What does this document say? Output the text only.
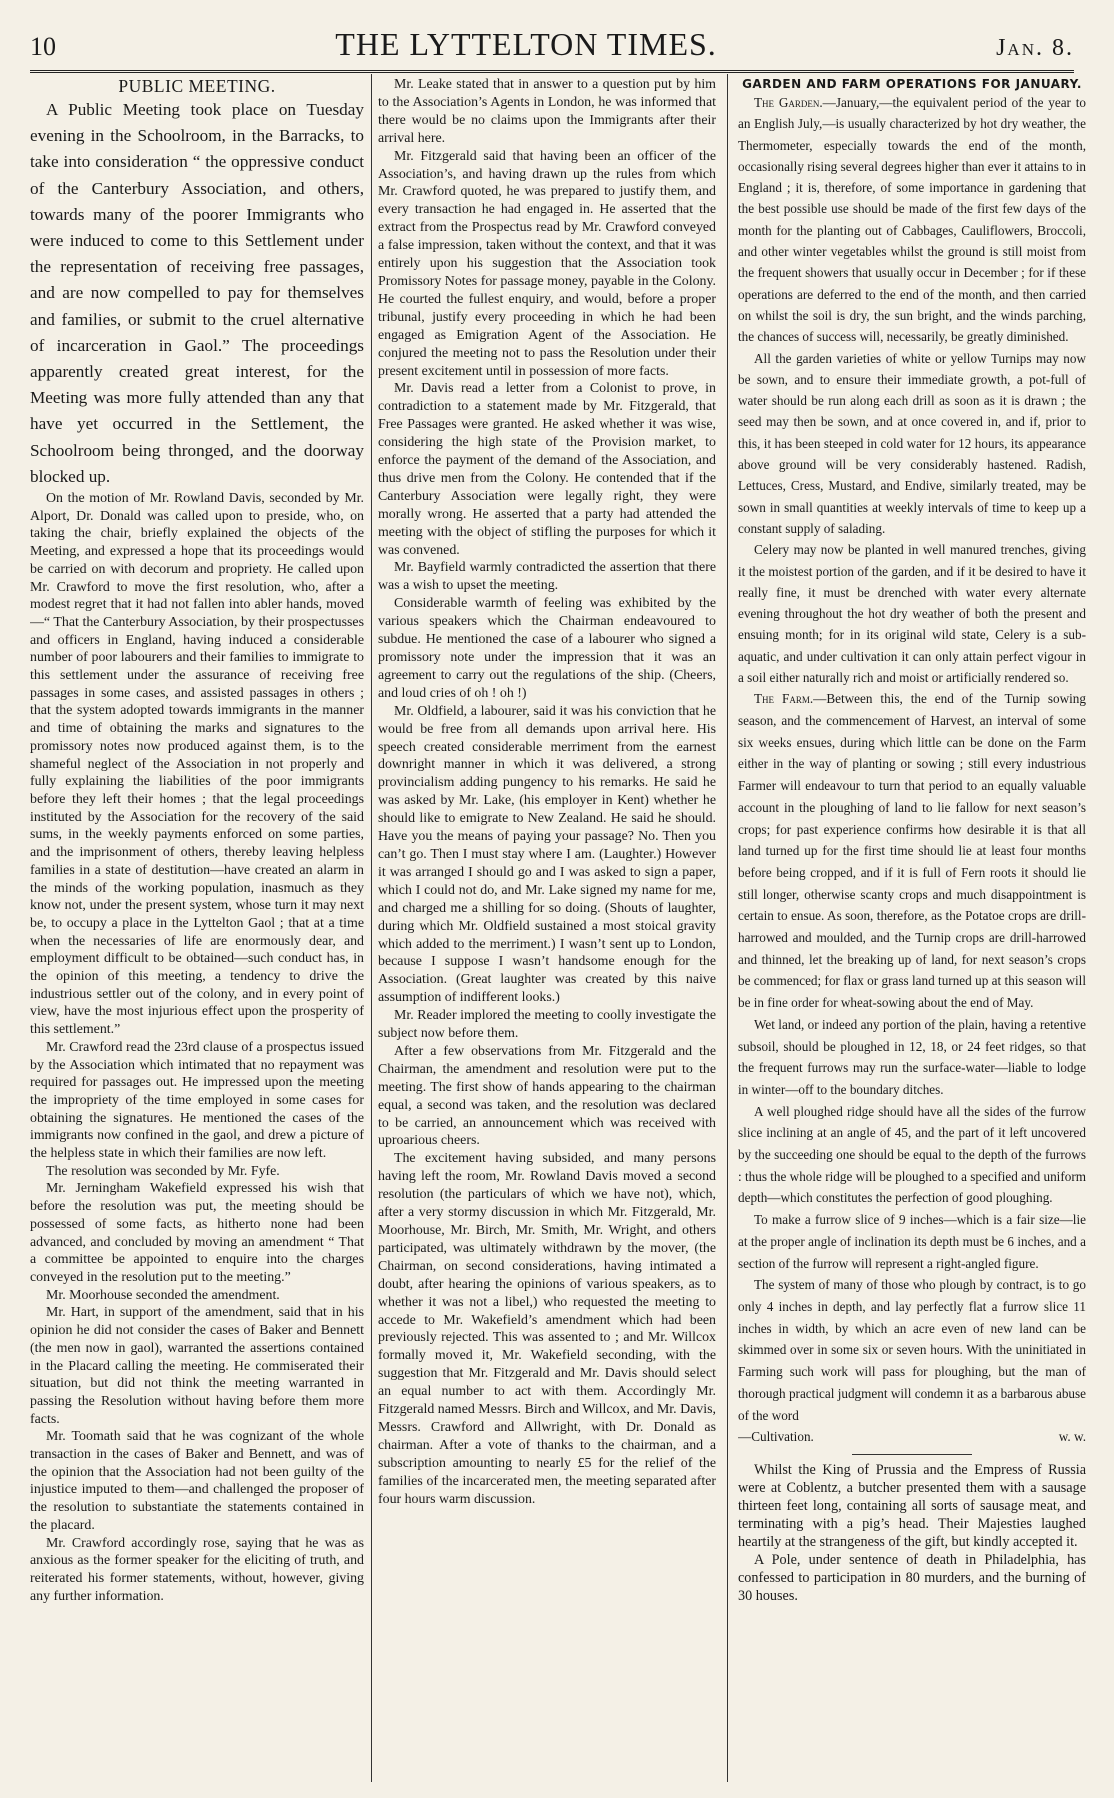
10	THE LYTTELTON TIMES.	Jan. 8.

PUBLIC MEETING.

A Public Meeting took place on Tuesday evening in the Schoolroom, in the Barracks, to take into consideration “ the oppressive conduct of the Canterbury Association, and others, towards many of the poorer Immigrants who were induced to come to this Settlement under the representation of receiving free passages, and are now compelled to pay for themselves and families, or submit to the cruel alternative of incarceration in Gaol.” The proceedings apparently created great interest, for the Meeting was more fully attended than any that have yet occurred in the Settlement, the Schoolroom being thronged, and the doorway blocked up.

On the motion of Mr. Rowland Davis, seconded by Mr. Alport, Dr. Donald was called upon to preside, who, on taking the chair, briefly explained the objects of the Meeting, and expressed a hope that its proceedings would be carried on with decorum and propriety. He called upon Mr. Crawford to move the first resolution, who, after a modest regret that it had not fallen into abler hands, moved—“ That the Canterbury Association, by their prospectusses and officers in England, having induced a considerable number of poor labourers and their families to immigrate to this settlement under the assurance of receiving free passages in some cases, and assisted passages in others ; that the system adopted towards immigrants in the manner and time of obtaining the marks and signatures to the promissory notes now produced against them, is to the shameful neglect of the Association in not properly and fully explaining the liabilities of the poor immigrants before they left their homes ; that the legal proceedings instituted by the Association for the recovery of the said sums, in the weekly payments enforced on some parties, and the imprisonment of others, thereby leaving helpless families in a state of destitution—have created an alarm in the minds of the working population, inasmuch as they know not, under the present system, whose turn it may next be, to occupy a place in the Lyttelton Gaol ; that at a time when the necessaries of life are enormously dear, and employment difficult to be obtained—such conduct has, in the opinion of this meeting, a tendency to drive the industrious settler out of the colony, and in every point of view, have the most injurious effect upon the prosperity of this settlement.”

Mr. Crawford read the 23rd clause of a prospectus issued by the Association which intimated that no repayment was required for passages out. He impressed upon the meeting the impropriety of the time employed in some cases for obtaining the signatures. He mentioned the cases of the immigrants now confined in the gaol, and drew a picture of the helpless state in which their families are now left.

The resolution was seconded by Mr. Fyfe.

Mr. Jerningham Wakefield expressed his wish that before the resolution was put, the meeting should be possessed of some facts, as hitherto none had been advanced, and concluded by moving an amendment “ That a committee be appointed to enquire into the charges conveyed in the resolution put to the meeting.”

Mr. Moorhouse seconded the amendment.

Mr. Hart, in support of the amendment, said that in his opinion he did not consider the cases of Baker and Bennett (the men now in gaol), warranted the assertions contained in the Placard calling the meeting. He commiserated their situation, but did not think the meeting warranted in passing the Resolution without having before them more facts.

Mr. Toomath said that he was cognizant of the whole transaction in the cases of Baker and Bennett, and was of the opinion that the Association had not been guilty of the injustice imputed to them—and challenged the proposer of the resolution to substantiate the statements contained in the placard.

Mr. Crawford accordingly rose, saying that he was as anxious as the former speaker for the eliciting of truth, and reiterated his former statements, without, however, giving any further information.

Mr. Leake stated that in answer to a question put by him to the Association’s Agents in London, he was informed that there would be no claims upon the Immigrants after their arrival here.

Mr. Fitzgerald said that having been an officer of the Association’s, and having drawn up the rules from which Mr. Crawford quoted, he was prepared to justify them, and every transaction he had engaged in. He asserted that the extract from the Prospectus read by Mr. Crawford conveyed a false impression, taken without the context, and that it was entirely upon his suggestion that the Association took Promissory Notes for passage money, payable in the Colony. He courted the fullest enquiry, and would, before a proper tribunal, justify every proceeding in which he had been engaged as Emigration Agent of the Association. He conjured the meeting not to pass the Resolution under their present excitement until in possession of more facts.

Mr. Davis read a letter from a Colonist to prove, in contradiction to a statement made by Mr. Fitzgerald, that Free Passages were granted. He asked whether it was wise, considering the high state of the Provision market, to enforce the payment of the demand of the Association, and thus drive men from the Colony. He contended that if the Canterbury Association were legally right, they were morally wrong. He asserted that a party had attended the meeting with the object of stifling the purposes for which it was convened.

Mr. Bayfield warmly contradicted the assertion that there was a wish to upset the meeting.

Considerable warmth of feeling was exhibited by the various speakers which the Chairman endeavoured to subdue. He mentioned the case of a labourer who signed a promissory note under the impression that it was an agreement to carry out the regulations of the ship. (Cheers, and loud cries of oh ! oh !)

Mr. Oldfield, a labourer, said it was his conviction that he would be free from all demands upon arrival here. His speech created considerable merriment from the earnest downright manner in which it was delivered, a strong provincialism adding pungency to his remarks. He said he was asked by Mr. Lake, (his employer in Kent) whether he should like to emigrate to New Zealand. He said he should. Have you the means of paying your passage? No. Then you can’t go. Then I must stay where I am. (Laughter.) However it was arranged I should go and I was asked to sign a paper, which I could not do, and Mr. Lake signed my name for me, and charged me a shilling for so doing. (Shouts of laughter, during which Mr. Oldfield sustained a most stoical gravity which added to the merriment.) I wasn’t sent up to London, because I suppose I wasn’t handsome enough for the Association. (Great laughter was created by this naive assumption of indifferent looks.)

Mr. Reader implored the meeting to coolly investigate the subject now before them.

After a few observations from Mr. Fitzgerald and the Chairman, the amendment and resolution were put to the meeting. The first show of hands appearing to the chairman equal, a second was taken, and the resolution was declared to be carried, an announcement which was received with uproarious cheers.

The excitement having subsided, and many persons having left the room, Mr. Rowland Davis moved a second resolution (the particulars of which we have not), which, after a very stormy discussion in which Mr. Fitzgerald, Mr. Moorhouse, Mr. Birch, Mr. Smith, Mr. Wright, and others participated, was ultimately withdrawn by the mover, (the Chairman, on second considerations, having intimated a doubt, after hearing the opinions of various speakers, as to whether it was not a libel,) who requested the meeting to accede to Mr. Wakefield’s amendment which had been previously rejected. This was assented to ; and Mr. Willcox formally moved it, Mr. Wakefield seconding, with the suggestion that Mr. Fitzgerald and Mr. Davis should select an equal number to act with them. Accordingly Mr. Fitzgerald named Messrs. Birch and Willcox, and Mr. Davis, Messrs. Crawford and Allwright, with Dr. Donald as chairman. After a vote of thanks to the chairman, and a subscription amounting to nearly £5 for the relief of the families of the incarcerated men, the meeting separated after four hours warm discussion.

GARDEN AND FARM OPERATIONS FOR JANUARY.

The Garden.—January,—the equivalent period of the year to an English July,—is usually characterized by hot dry weather, the Thermometer, especially towards the end of the month, occasionally rising several degrees higher than ever it attains to in England ; it is, therefore, of some importance in gardening that the best possible use should be made of the first few days of the month for the planting out of Cabbages, Cauliflowers, Broccoli, and other winter vegetables whilst the ground is still moist from the frequent showers that usually occur in December ; for if these operations are deferred to the end of the month, and then carried on whilst the soil is dry, the sun bright, and the winds parching, the chances of success will, necessarily, be greatly diminished.

All the garden varieties of white or yellow Turnips may now be sown, and to ensure their immediate growth, a pot-full of water should be run along each drill as soon as it is drawn ; the seed may then be sown, and at once covered in, and if, prior to this, it has been steeped in cold water for 12 hours, its appearance above ground will be very considerably hastened. Radish, Lettuces, Cress, Mustard, and Endive, similarly treated, may be sown in small quantities at weekly intervals of time to keep up a constant supply of salading.

Celery may now be planted in well manured trenches, giving it the moistest portion of the garden, and if it be desired to have it really fine, it must be drenched with water every alternate evening throughout the hot dry weather of both the present and ensuing month; for in its original wild state, Celery is a sub-aquatic, and under cultivation it can only attain perfect vigour in a soil either naturally rich and moist or artificially rendered so.

The Farm.—Between this, the end of the Turnip sowing season, and the commencement of Harvest, an interval of some six weeks ensues, during which little can be done on the Farm either in the way of planting or sowing ; still every industrious Farmer will endeavour to turn that period to an equally valuable account in the ploughing of land to lie fallow for next season’s crops; for past experience confirms how desirable it is that all land turned up for the first time should lie at least four months before being cropped, and if it is full of Fern roots it should lie still longer, otherwise scanty crops and much disappointment is certain to ensue. As soon, therefore, as the Potatoe crops are drill-harrowed and moulded, and the Turnip crops are drill-harrowed and thinned, let the breaking up of land, for next season’s crops be commenced; for flax or grass land turned up at this season will be in fine order for wheat-sowing about the end of May.

Wet land, or indeed any portion of the plain, having a retentive subsoil, should be ploughed in 12, 18, or 24 feet ridges, so that the frequent furrows may run the surface-water—liable to lodge in winter—off to the boundary ditches.

A well ploughed ridge should have all the sides of the furrow slice inclining at an angle of 45, and the part of it left uncovered by the succeeding one should be equal to the depth of the furrows : thus the whole ridge will be ploughed to a specified and uniform depth—which constitutes the perfection of good ploughing.

To make a furrow slice of 9 inches—which is a fair size—lie at the proper angle of inclination its depth must be 6 inches, and a section of the furrow will represent a right-angled figure.

The system of many of those who plough by contract, is to go only 4 inches in depth, and lay perfectly flat a furrow slice 11 inches in width, by which an acre even of new land can be skimmed over in some six or seven hours. With the uninitiated in Farming such work will pass for ploughing, but the man of thorough practical judgment will condemn it as a barbarous abuse of the word

—Cultivation.	w. w.

Whilst the King of Prussia and the Empress of Russia were at Coblentz, a butcher presented them with a sausage thirteen feet long, containing all sorts of sausage meat, and terminating with a pig’s head. Their Majesties laughed heartily at the strangeness of the gift, but kindly accepted it.

A Pole, under sentence of death in Philadelphia, has confessed to participation in 80 murders, and the burning of 30 houses.
